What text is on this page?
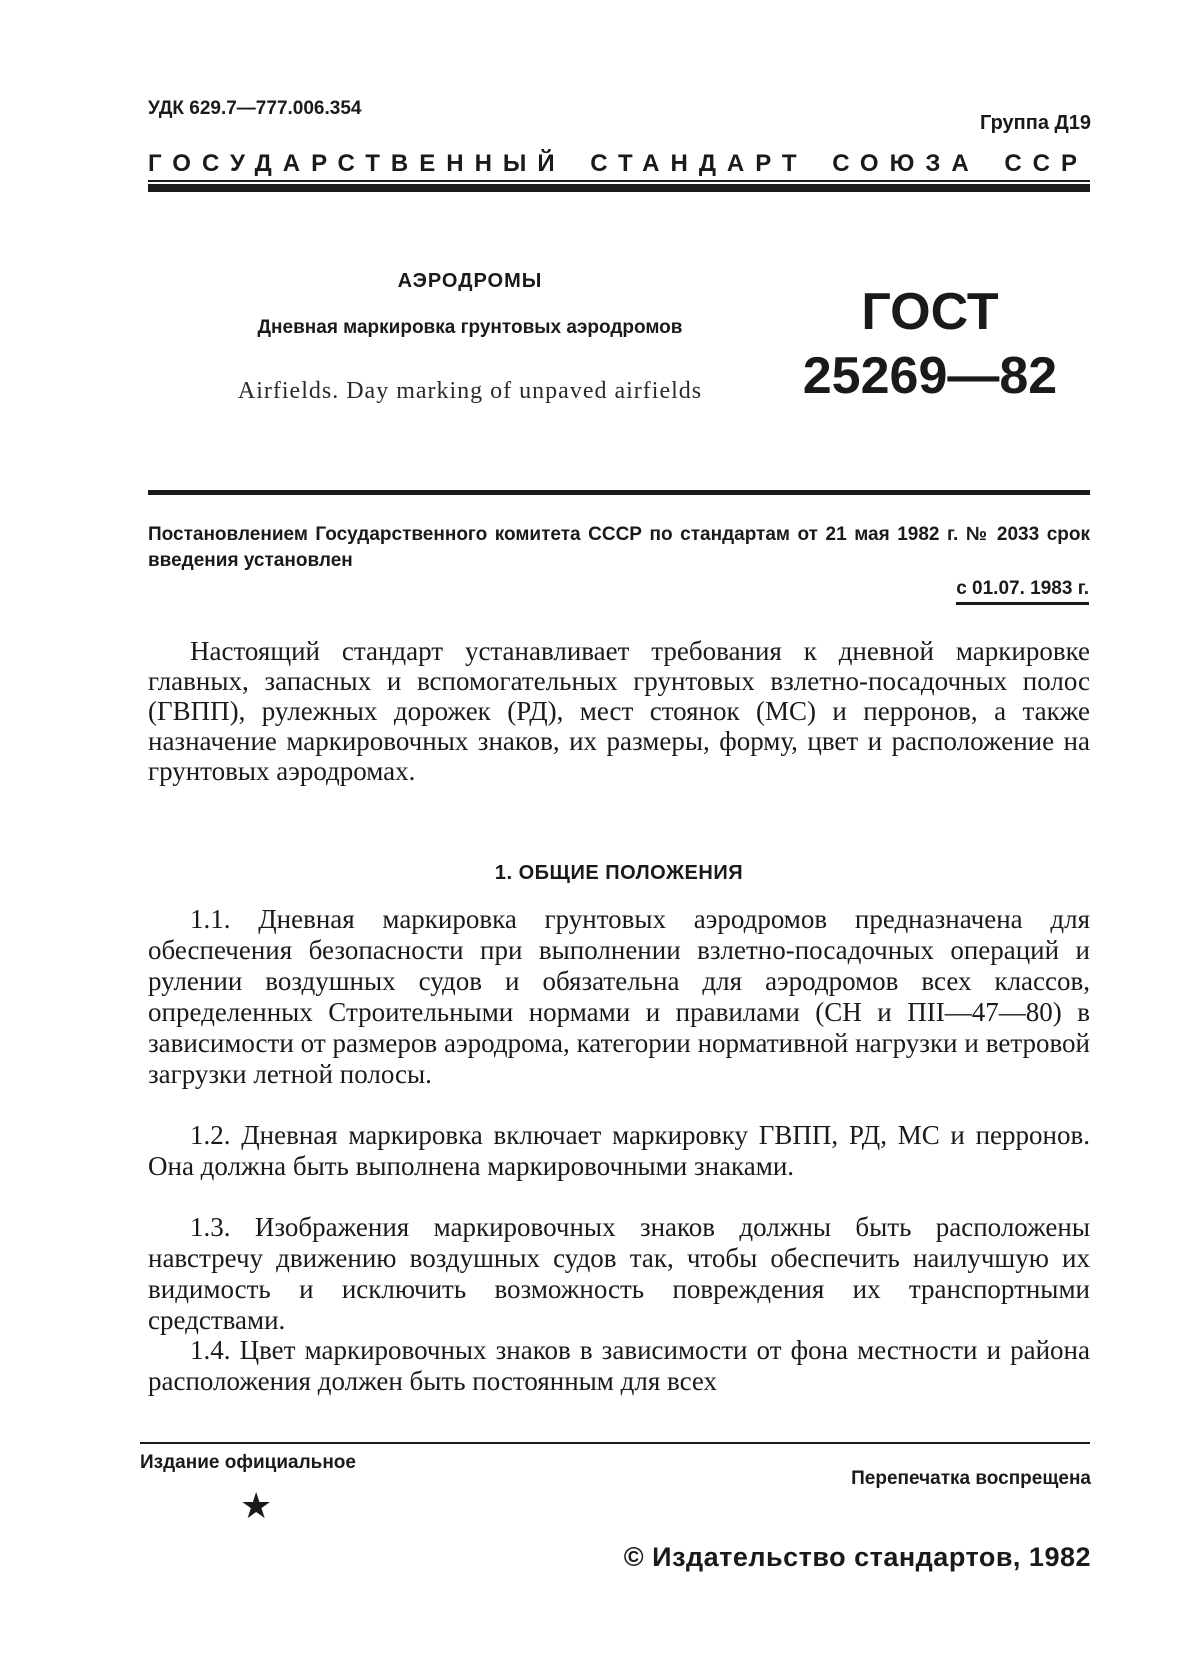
УДК 629.7—777.006.354
Группа Д19
ГОСУДАРСТВЕННЫЙ СТАНДАРТ СОЮЗА ССР
АЭРОДРОМЫ
Дневная маркировка грунтовых аэродромов
Airfields. Day marking of unpaved airfields
ГОСТ
25269—82
Постановлением Государственного комитета СССР по стандартам от 21 мая 1982 г. № 2033 срок введения установлен
с 01.07. 1983 г.
Настоящий стандарт устанавливает требования к дневной маркировке главных, запасных и вспомогательных грунтовых взлетно-посадочных полос (ГВПП), рулежных дорожек (РД), мест стоянок (МС) и перронов, а также назначение маркировочных знаков, их размеры, форму, цвет и расположение на грунтовых аэродромах.
1. ОБЩИЕ ПОЛОЖЕНИЯ

1.1. Дневная маркировка грунтовых аэродромов предназначена для обеспечения безопасности при выполнении взлетно-посадочных операций и рулении воздушных судов и обязательна для аэродромов всех классов, определенных Строительными нормами и правилами (СН и ПII—47—80) в зависимости от размеров аэродрома, категории нормативной нагрузки и ветровой загрузки летной полосы.

1.2. Дневная маркировка включает маркировку ГВПП, РД, МС и перронов. Она должна быть выполнена маркировочными знаками.

1.3. Изображения маркировочных знаков должны быть расположены навстречу движению воздушных судов так, чтобы обеспечить наилучшую их видимость и исключить возможность повреждения их транспортными средствами.

1.4. Цвет маркировочных знаков в зависимости от фона местности и района расположения должен быть постоянным для всех

Издание официальное
Перепечатка воспрещена
★
© Издательство стандартов, 1982
